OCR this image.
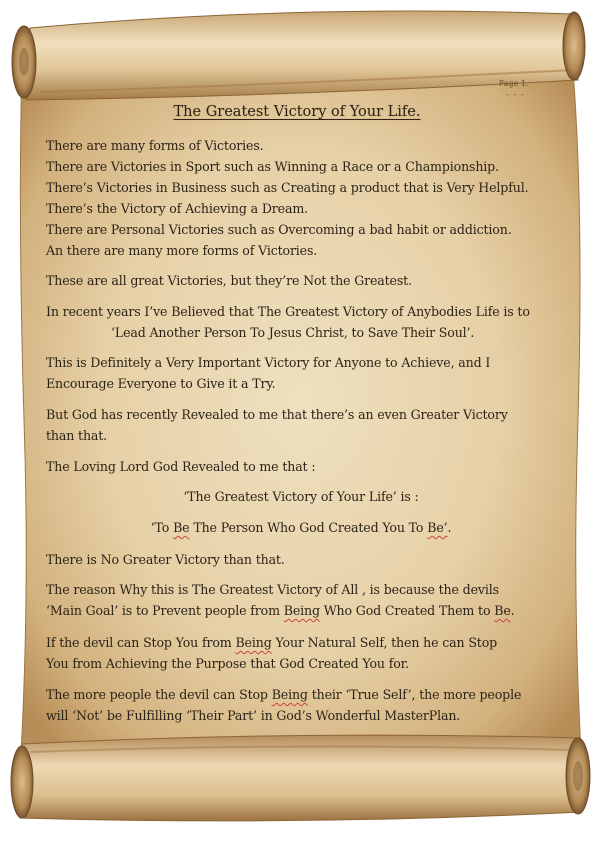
Page 1.
- - -
The Greatest Victory of Your Life.
There are many forms of Victories.
There are Victories in Sport such as Winning a Race or a Championship.
There’s Victories in Business such as Creating a product that is Very Helpful.
There’s the Victory of Achieving a Dream.
There are Personal Victories such as Overcoming a bad habit or addiction.
An there are many more forms of Victories.
These are all great Victories, but they’re Not the Greatest.
In recent years I’ve Believed that The Greatest Victory of Anybodies Life is to
‘Lead Another Person To Jesus Christ, to Save Their Soul’.
This is Definitely a Very Important Victory for Anyone to Achieve, and I
Encourage Everyone to Give it a Try.
But God has recently Revealed to me that there’s an even Greater Victory
than that.
The Loving Lord God Revealed to me that :
‘The Greatest Victory of Your Life’ is :
‘To Be The Person Who God Created You To Be’.
There is No Greater Victory than that.
The reason Why this is The Greatest Victory of All , is because the devils
‘Main Goal’ is to Prevent people from Being Who God Created Them to Be.
If the devil can Stop You from Being Your Natural Self, then he can Stop
You from Achieving the Purpose that God Created You for.
The more people the devil can Stop Being their ‘True Self’, the more people
will ‘Not’ be Fulfilling ‘Their Part’ in God’s Wonderful MasterPlan.
